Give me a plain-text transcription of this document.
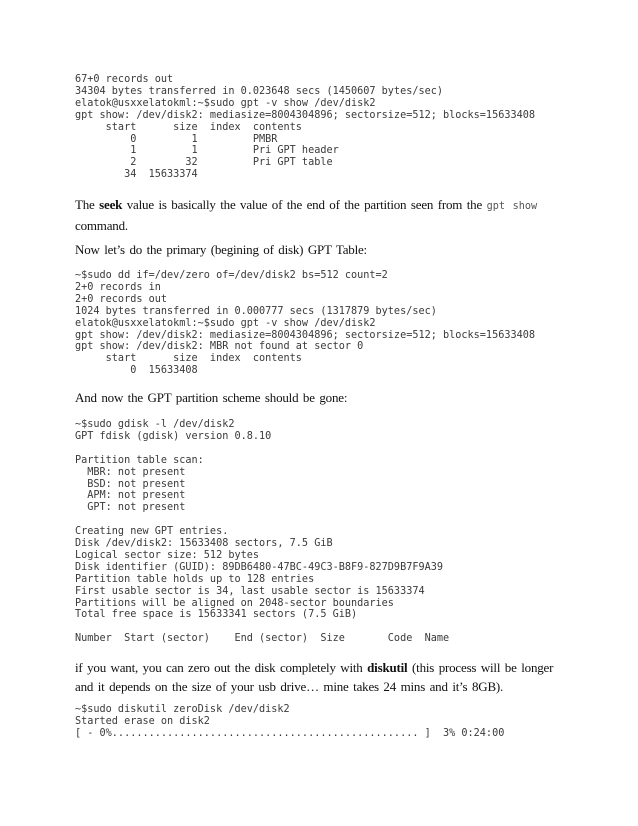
67+0 records out
34304 bytes transferred in 0.023648 secs (1450607 bytes/sec)
elatok@usxxelatokml:~$sudo gpt -v show /dev/disk2
gpt show: /dev/disk2: mediasize=8004304896; sectorsize=512; blocks=15633408
start      size  index  contents
0         1         PMBR
1         1         Pri GPT header
2        32         Pri GPT table
34  15633374

The seek value is basically the value of the end of the partition seen from the gpt show
command.

Now let’s do the primary (begining of disk) GPT Table:

~$sudo dd if=/dev/zero of=/dev/disk2 bs=512 count=2
2+0 records in
2+0 records out
1024 bytes transferred in 0.000777 secs (1317879 bytes/sec)
elatok@usxxelatokml:~$sudo gpt -v show /dev/disk2
gpt show: /dev/disk2: mediasize=8004304896; sectorsize=512; blocks=15633408
gpt show: /dev/disk2: MBR not found at sector 0
start      size  index  contents
0  15633408

And now the GPT partition scheme should be gone:

~$sudo gdisk -l /dev/disk2
GPT fdisk (gdisk) version 0.8.10
Partition table scan:
MBR: not present
BSD: not present
APM: not present
GPT: not present
Creating new GPT entries.
Disk /dev/disk2: 15633408 sectors, 7.5 GiB
Logical sector size: 512 bytes
Disk identifier (GUID): 89DB6480-47BC-49C3-B8F9-827D9B7F9A39
Partition table holds up to 128 entries
First usable sector is 34, last usable sector is 15633374
Partitions will be aligned on 2048-sector boundaries
Total free space is 15633341 sectors (7.5 GiB)
Number  Start (sector)    End (sector)  Size       Code  Name

if you want, you can zero out the disk completely with diskutil (this process will be longer and it depends on the size of your usb drive… mine takes 24 mins and it’s 8GB).

~$sudo diskutil zeroDisk /dev/disk2
Started erase on disk2
[ - 0%.................................................. ]  3% 0:24:00
